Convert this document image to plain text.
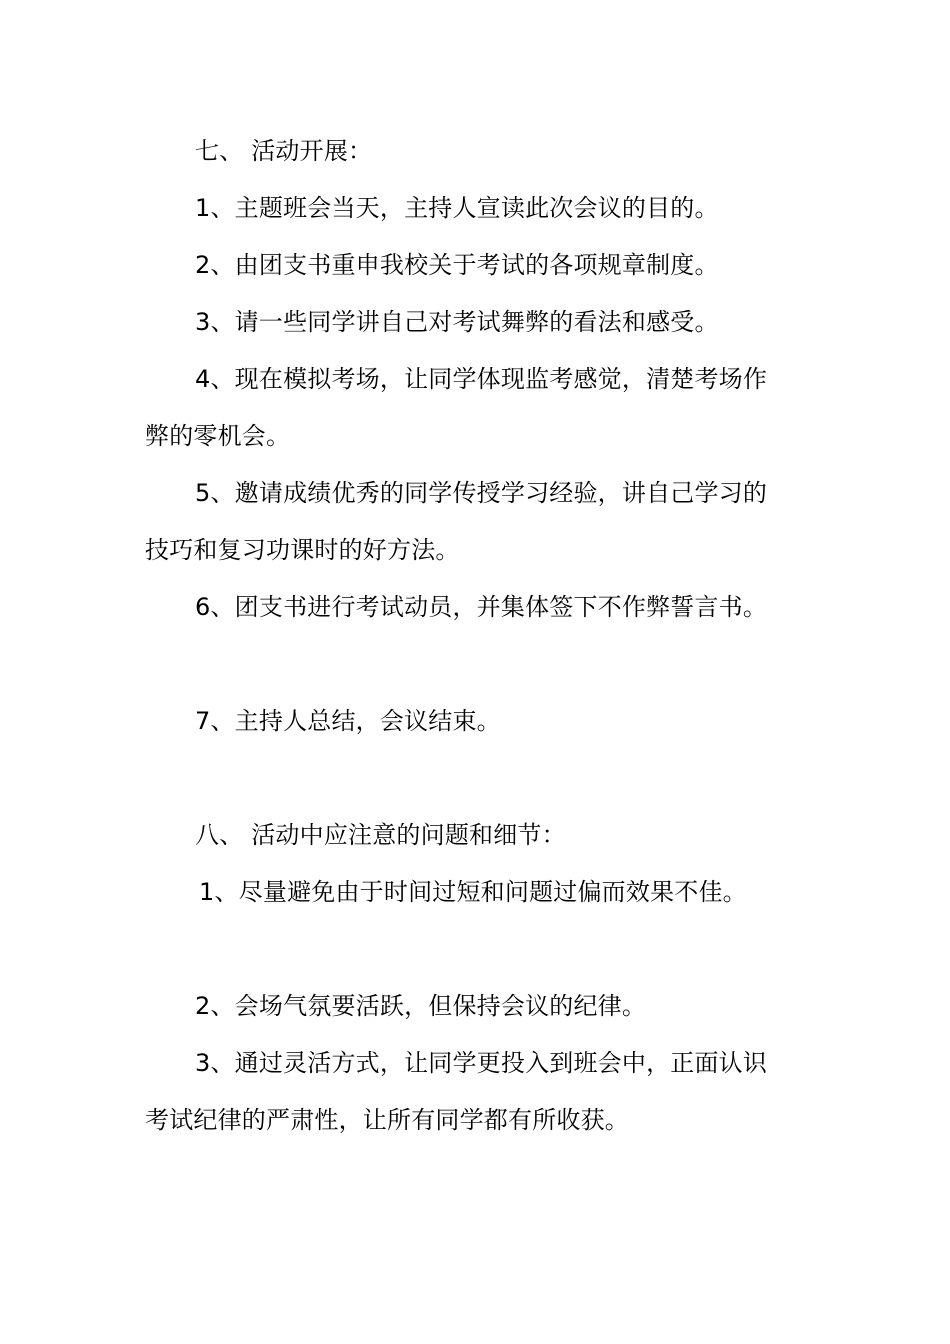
七、 活动开展：
1、主题班会当天，主持人宣读此次会议的目的。
2、由团支书重申我校关于考试的各项规章制度。
3、请一些同学讲自己对考试舞弊的看法和感受。
4、现在模拟考场，让同学体现监考感觉，清楚考场作
弊的零机会。
5、邀请成绩优秀的同学传授学习经验，讲自己学习的
技巧和复习功课时的好方法。
6、团支书进行考试动员，并集体签下不作弊誓言书。
7、主持人总结，会议结束。
八、 活动中应注意的问题和细节：
1、尽量避免由于时间过短和问题过偏而效果不佳。
2、会场气氛要活跃，但保持会议的纪律。
3、通过灵活方式，让同学更投入到班会中，正面认识
考试纪律的严肃性，让所有同学都有所收获。
